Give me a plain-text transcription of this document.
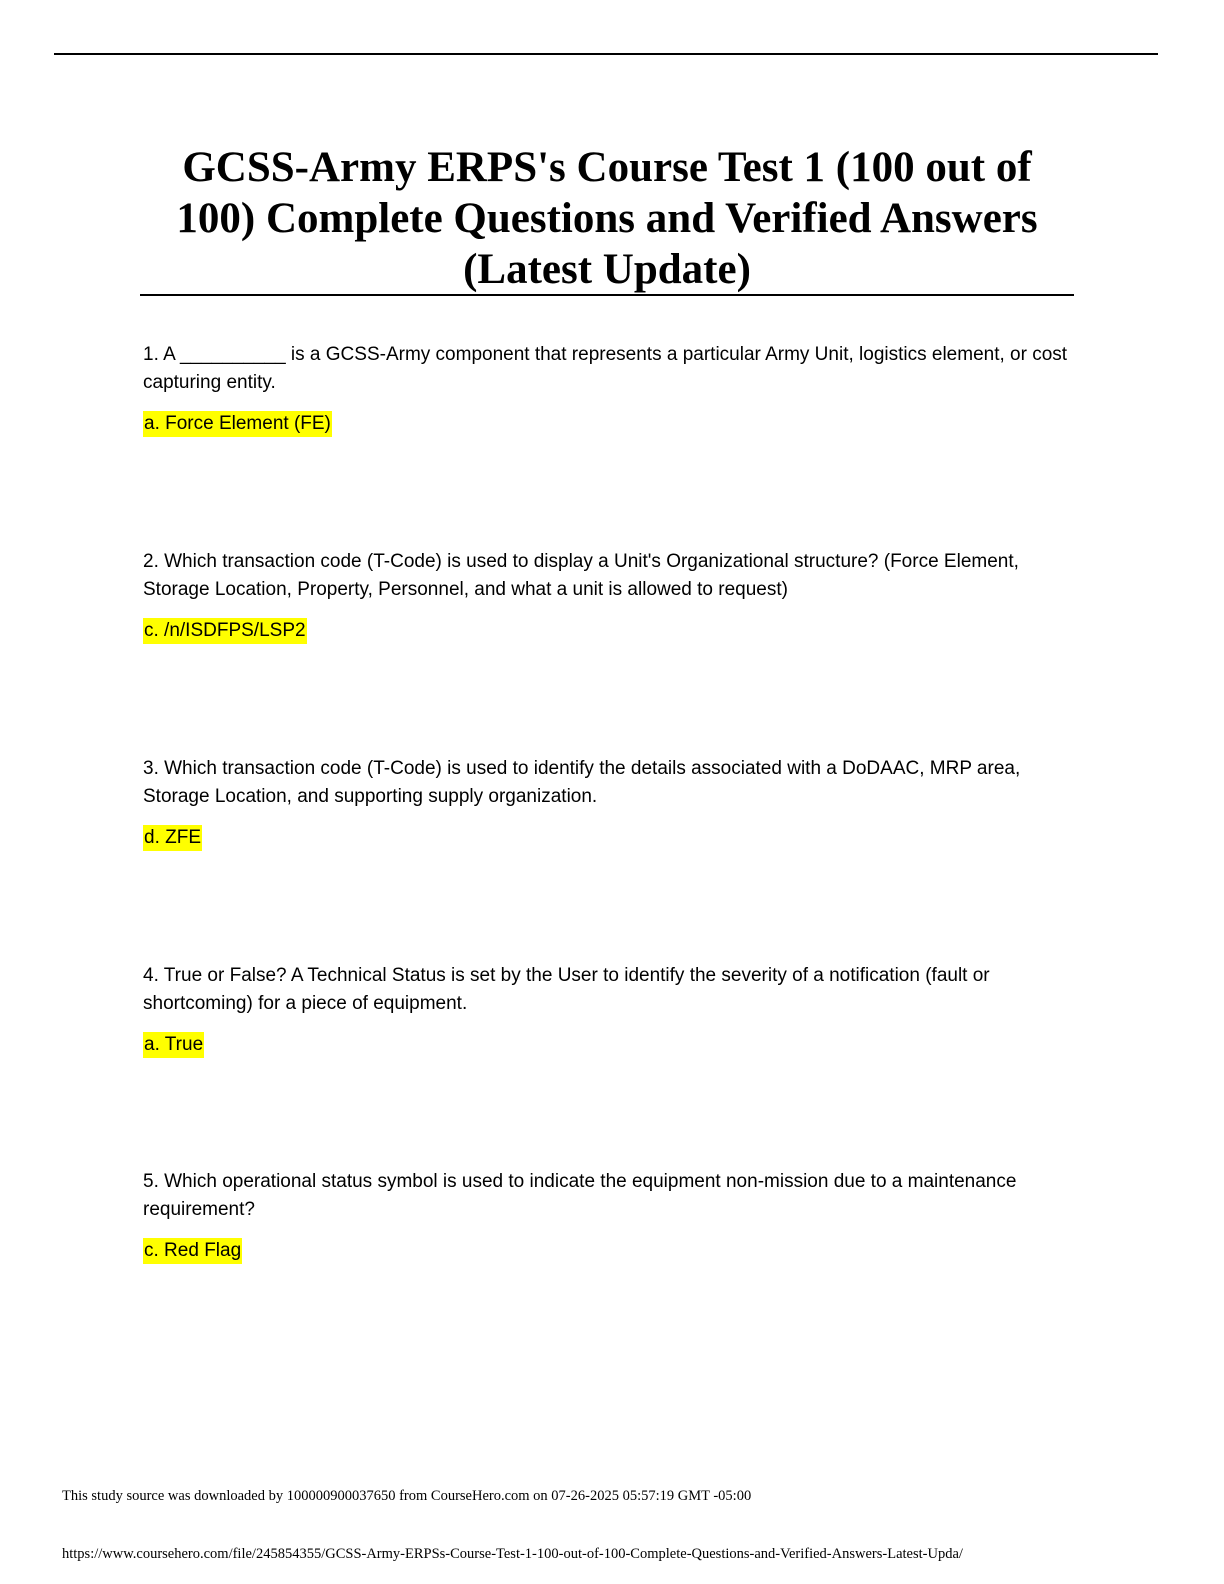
GCSS-Army ERPS's Course Test 1 (100 out of 100) Complete Questions and Verified Answers (Latest Update)

1. A __________ is a GCSS-Army component that represents a particular Army Unit, logistics element, or cost capturing entity.

a. Force Element (FE)

2. Which transaction code (T-Code) is used to display a Unit's Organizational structure? (Force Element, Storage Location, Property, Personnel, and what a unit is allowed to request)

c. /n/ISDFPS/LSP2

3. Which transaction code (T-Code) is used to identify the details associated with a DoDAAC, MRP area, Storage Location, and supporting supply organization.

d. ZFE

4. True or False? A Technical Status is set by the User to identify the severity of a notification (fault or shortcoming) for a piece of equipment.

a. True

5. Which operational status symbol is used to indicate the equipment non-mission due to a maintenance requirement?

c. Red Flag

This study source was downloaded by 100000900037650 from CourseHero.com on 07-26-2025 05:57:19 GMT -05:00

https://www.coursehero.com/file/245854355/GCSS-Army-ERPSs-Course-Test-1-100-out-of-100-Complete-Questions-and-Verified-Answers-Latest-Upda/
